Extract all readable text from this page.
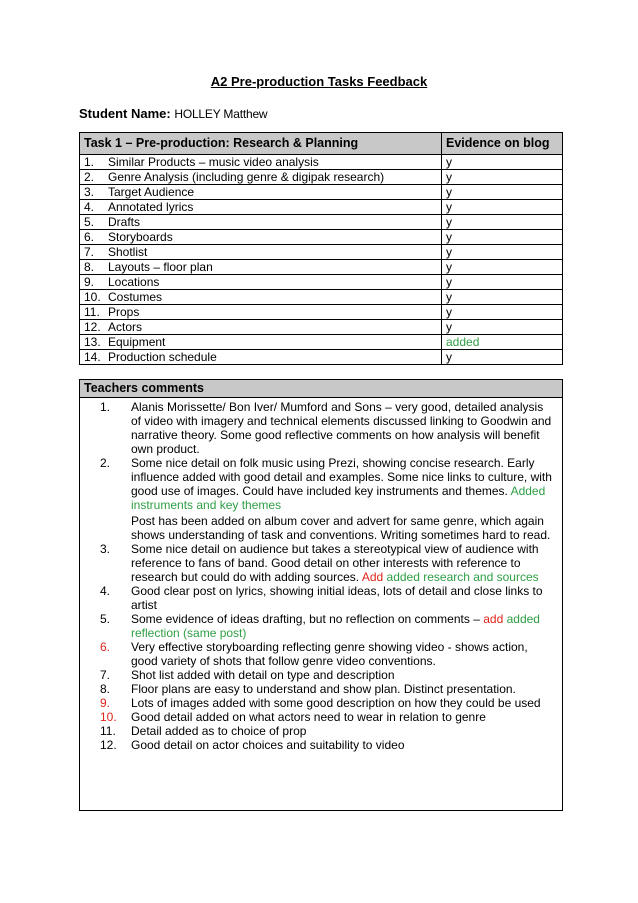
A2 Pre-production Tasks Feedback
Student Name: HOLLEY Matthew
Task 1 – Pre-production: Research & Planning	Evidence on blog
1. Similar Products – music video analysis	y
2. Genre Analysis (including genre & digipak research)	y
3. Target Audience	y
4. Annotated lyrics	y
5. Drafts	y
6. Storyboards	y
7. Shotlist	y
8. Layouts – floor plan	y
9. Locations	y
10. Costumes	y
11. Props	y
12. Actors	y
13. Equipment	added
14. Production schedule	y
Teachers comments
1.	Alanis Morissette/ Bon Iver/ Mumford and Sons – very good, detailed analysis of video with imagery and technical elements discussed linking to Goodwin and narrative theory. Some good reflective comments on how analysis will benefit own product.

2.	Some nice detail on folk music using Prezi, showing concise research. Early influence added with good detail and examples. Some nice links to culture, with good use of images. Could have included key instruments and themes. Added instruments and key themes

Post has been added on album cover and advert for same genre, which again shows understanding of task and conventions. Writing sometimes hard to read.

3.	Some nice detail on audience but takes a stereotypical view of audience with reference to fans of band. Good detail on other interests with reference to research but could do with adding sources. Add added research and sources

4.	Good clear post on lyrics, showing initial ideas, lots of detail and close links to artist

5.	Some evidence of ideas drafting, but no reflection on comments – add added reflection (same post)

6.	Very effective storyboarding reflecting genre showing video - shows action, good variety of shots that follow genre video conventions.

7.	Shot list added with detail on type and description

8.	Floor plans are easy to understand and show plan. Distinct presentation.

9.	Lots of images added with some good description on how they could be used

10.	Good detail added on what actors need to wear in relation to genre

11.	Detail added as to choice of prop

12.	Good detail on actor choices and suitability to video
